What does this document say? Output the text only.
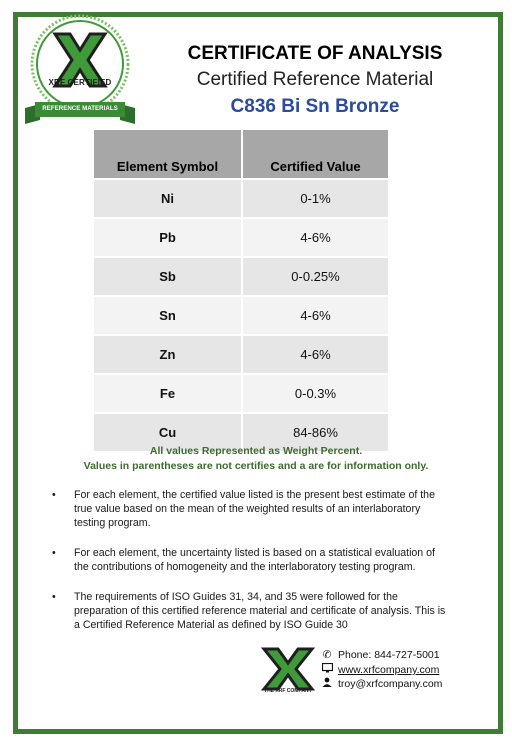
XRF CERTIFIED
REFERENCE MATERIALS
CERTIFICATE OF ANALYSIS
Certified Reference Material
C836 Bi Sn Bronze
Element Symbol	Certified Value
Ni	0-1%
Pb	4-6%
Sb	0-0.25%
Sn	4-6%
Zn	4-6%
Fe	0-0.3%
Cu	84-86%
All values Represented as Weight Percent.
Values in parentheses are not certifies and a are for information only.
• For each element, the certified value listed is the present best estimate of the true value based on the mean of the weighted results of an interlaboratory testing program.
• For each element, the uncertainty listed is based on a statistical evaluation of the contributions of homogeneity and the interlaboratory testing program.
• The requirements of ISO Guides 31, 34, and 35 were followed for the preparation of this certified reference material and certificate of analysis. This is a Certified Reference Material as defined by ISO Guide 30
THE XRF COMPANY
✆ Phone: 844-727-5001
www.xrfcompany.com
troy@xrfcompany.com
